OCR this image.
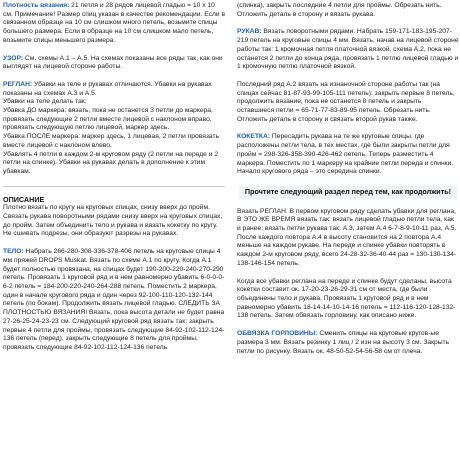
Плотность вязания: 21 петля и 28 рядов лицевой гладью = 10 х 10 см. Примечание! Размер спиц указан в качестве рекомендации. Если в связанном образце на 10 см слишком много петель, возьмите спицы большего размера. Если в образце на 10 см слишком мало петель, возьмите спицы меньшего размера.

УЗОР: См. схемы А.1 – А.5. На схемах показаны все ряды так, как они выглядят на лицевой стороне работы.

РЕГЛАН: Убавки на теле и рукавах отличаются. Убавки на рукавах показаны на схемах А.3 и А.5.

Убавки на теле делать так:

Убавка ДО маркера: вязать, пока не останется 3 петли до маркера, провязать следующие 2 петли вместе лицевой с наклоном вправо, провязать следующую петлю лицевой, маркер здесь.

Убавка ПОСЛЕ маркера: маркер здесь, 1 лицевая, 2 петли провязать вместе лицевой с наклоном влево.

Убавлять 4 петли в каждом 2-м круговом ряду (2 петли на переде и 2 петли на спинке). Убавки на рукавах делать в дополнение к этим убавкам.

ОПИСАНИЕ

Плотно вязать по кругу на круговых спицах, снизу вверх до пройм. Связать рукава поворотными рядами снизу вверх на круговых спицах, до пройм. Затем объединить тело и рукава и вязать кокетку по кругу. Не сшивать подрезы, они образуют разрезы на рукавах.

ТЕЛО: Набрать 266-280-308-336-378-406 петель на круговые спицы 4 мм пряжей DROPS Muskat. Вязать по схеме А.1 по кругу. Когда А.1 будет полностью провязана, на спицах будет 190-200-220-240-270-290 петель. Провязать 1 круговой ряд и в нем равномерно убавить 6-0-0-0-6-2 петель = 184-200-220-240-264-288 петель. Поместить 2 маркера, один в начале кругового ряда и один через 92-100-110-120-132-144 петель (по бокам). Продолжить вязать лицевой гладью. СЛЕДИТЬ ЗА ПЛОТНОСТЬЮ ВЯЗАНИЯ! Вязать, пока высота детали не будет равна 27-26-25-24-23-23 см. Следующий круговой ряд вязать так: закрыть первые 4 петли для проймы, провязать следующие 84-92-102-112-124-136 петель (перед), закрыть следующие 8 петель для проймы, провязать следующие 84-92-102-112-124-136 петель

(спинка), закрыть последние 4 петли для проймы. Обрезать нить. Отложить деталь в сторону и вязать рукава.

РУКАВ: Вязать поворотными рядами. Набрать 159-171-183-195-207-219 петель на круговые спицы 4 мм. Вязать, начав на лицевой стороне работы так: 1 кромочная петля платочной вязкой, схема А.2, пока не останется 2 петли до конца ряда, провязать 1 петлю лицевой гладью и 1 кромочную петлю платочной вязкой.

Последний ряд А.2 вязать на изнаночной стороне работы так (на спицах сейчас 81-87-93-99-105-111 петель): закрыть первые 8 петель, продолжить вязание, пока не останется 8 петель и закрыть оставшиеся петли = 65-71-77-83-89-95 петель. Обрезать нить. Отложить деталь в сторону и связать второй рукав также.

КОКЕТКА: Пересадить рукава на те же круговые спицы, где расположены петли тела, в тех местах, где были закрыты петли для пройм = 298-326-358-390-426-462 петель. Теперь разместить 4 маркера. Поместить по 1 маркеру на крайние петли переда и спинки. Начало кругового ряда – это середина спинки.

Прочтите следующий раздел перед тем, как продолжить!

Вязать РЕГЛАН. В первом круговом ряду сделать убавки для реглана, В ЭТО ЖЕ ВРЕМЯ вязать так: вязать лицевой гладью петли тела, как и ранее; вязать петли рукава так: А.3, затем А.4 6-7-8-9-10-11 раз, А.5. После каждого повтора А.4 в высоту становится на 2 повтора А.4 меньше на каждом рукаве. На переде и спинке убавки повторять в каждом 2-м круговом ряду, всего 24-28-32-36-40-44 раз = 130-130-134-138-146-154 петель.

Когда все убавки реглана на переде и спинке будут сделаны, высота кокетки составит ок. 17-20-23-26-29-31 см от места, где были объединены тело и рукава. Провязать 1 круговой ряд и в нем равномерно убавить 18-14-14-10-14-16 петель = 112-116-120-128-132-138 петель. Затем обвязать горловину, как описано ниже.

ОБВЯЗКА ГОРЛОВИНЫ: Сменить спицы на круговые кругов-ые размера 3 мм. Вязать резинку 1 лиц / 2 изн на высоту 3 см. Закрыть петли по рисунку. Вязать ок. 48-50-52-54-56-58 см от плеча.
